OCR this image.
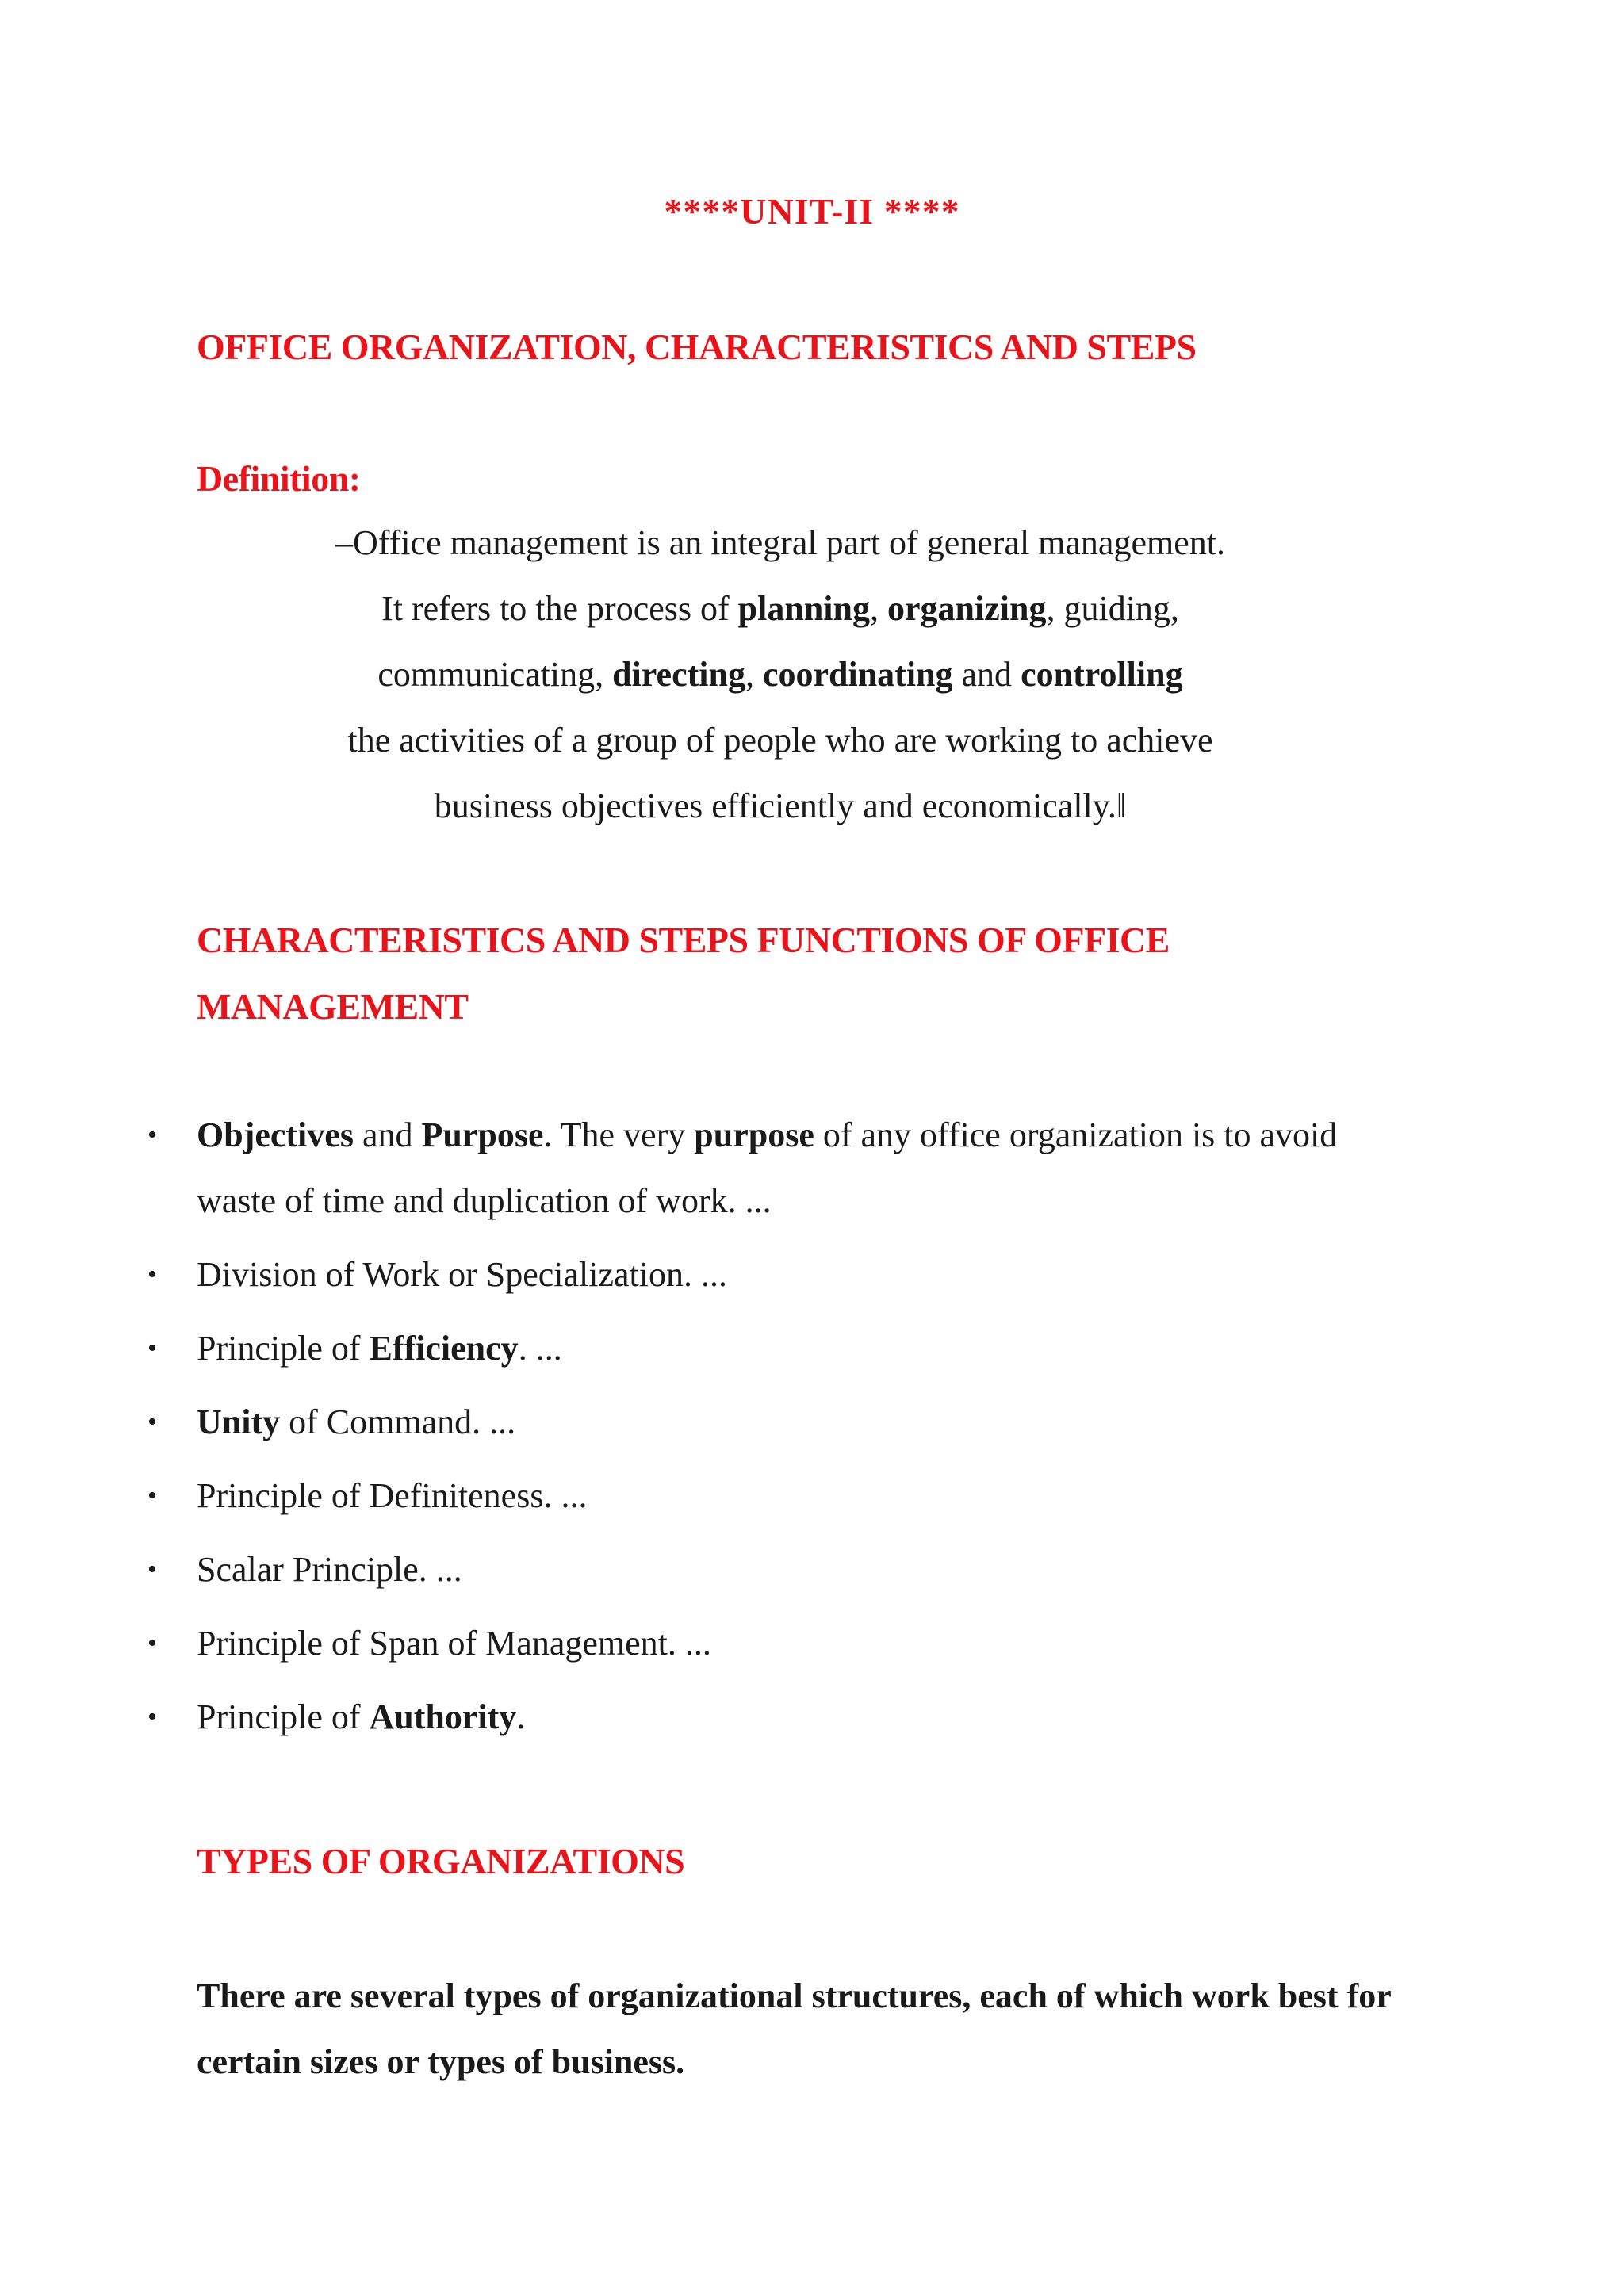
****UNIT-II ****
OFFICE ORGANIZATION, CHARACTERISTICS AND STEPS
Definition:
–Office management is an integral part of general management.
It refers to the process of planning, organizing, guiding,
communicating, directing, coordinating and controlling
the activities of a group of people who are working to achieve
business objectives efficiently and economically.‖
CHARACTERISTICS AND STEPS FUNCTIONS OF OFFICE MANAGEMENT
• Objectives and Purpose. The very purpose of any office organization is to avoid waste of time and duplication of work. ...
• Division of Work or Specialization. ...
• Principle of Efficiency. ...
• Unity of Command. ...
• Principle of Definiteness. ...
• Scalar Principle. ...
• Principle of Span of Management. ...
• Principle of Authority.
TYPES OF ORGANIZATIONS
There are several types of organizational structures, each of which work best for certain sizes or types of business.
